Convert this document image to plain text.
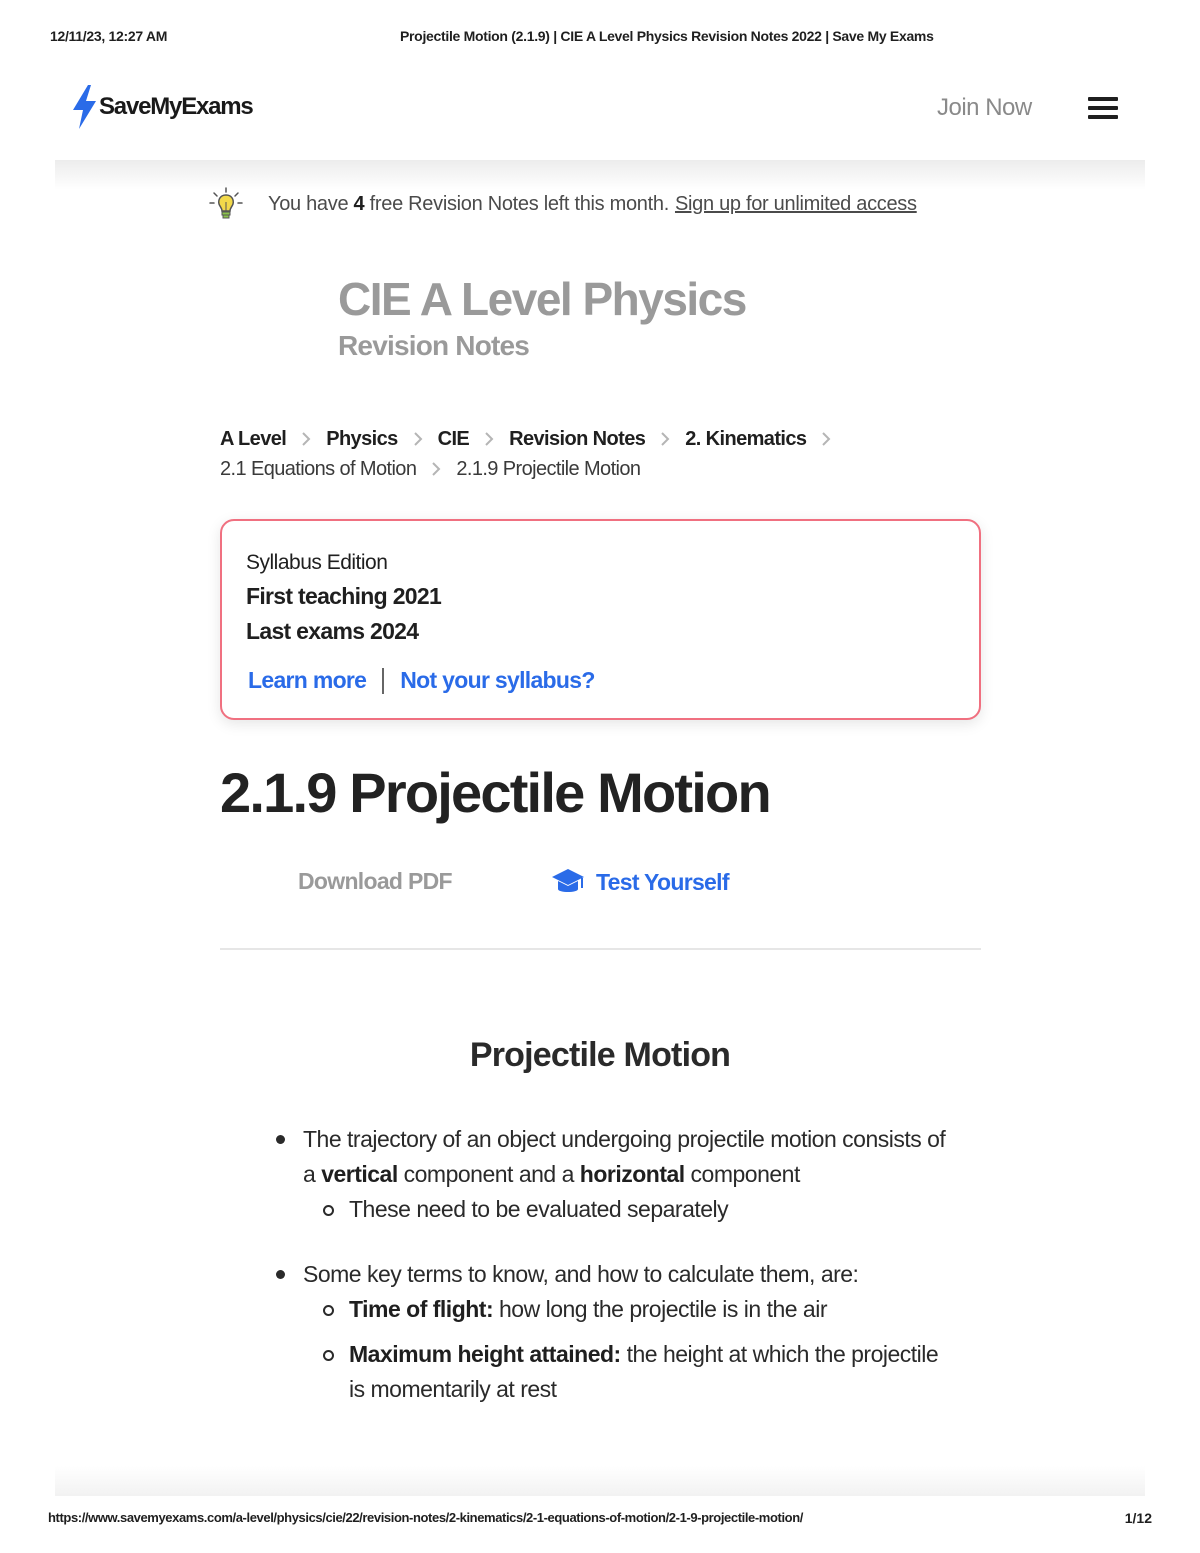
12/11/23, 12:27 AM	Projectile Motion (2.1.9) | CIE A Level Physics Revision Notes 2022 | Save My Exams
SaveMyExams	Join Now
You have 4 free Revision Notes left this month. Sign up for unlimited access
CIE A Level Physics
Revision Notes
A Level Physics CIE Revision Notes 2. Kinematics
2.1 Equations of Motion 2.1.9 Projectile Motion
Syllabus Edition
First teaching 2021
Last exams 2024
Learn more Not your syllabus?
2.1.9 Projectile Motion
Download PDF	Test Yourself
Projectile Motion
The trajectory of an object undergoing projectile motion consists of a vertical component and a horizontal component
These need to be evaluated separately
Some key terms to know, and how to calculate them, are:
Time of flight: how long the projectile is in the air
Maximum height attained: the height at which the projectile is momentarily at rest
https://www.savemyexams.com/a-level/physics/cie/22/revision-notes/2-kinematics/2-1-equations-of-motion/2-1-9-projectile-motion/	1/12
